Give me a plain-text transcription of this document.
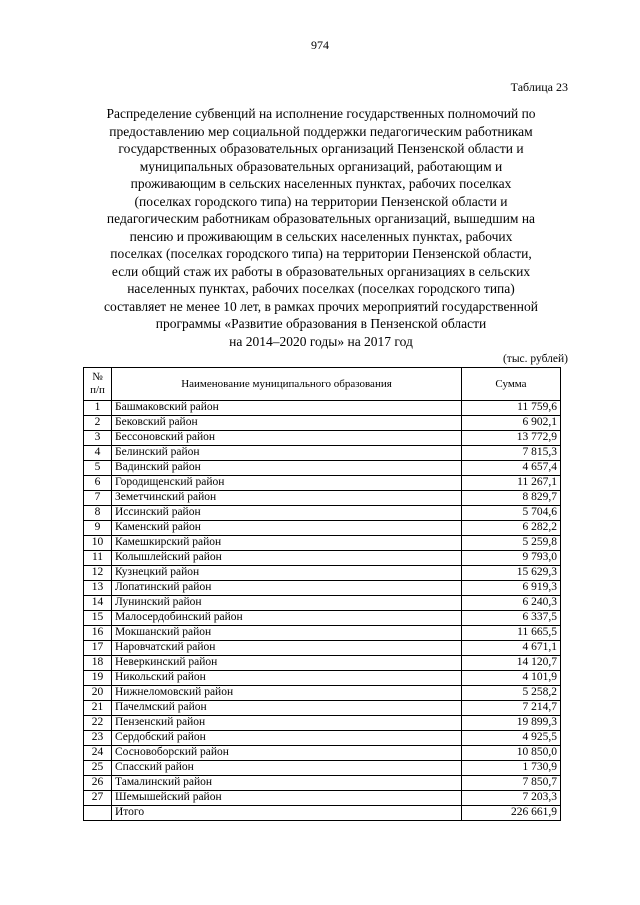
974
Таблица 23
Распределение субвенций на исполнение государственных полномочий по
предоставлению мер социальной поддержки педагогическим работникам
государственных образовательных организаций Пензенской области и
муниципальных образовательных организаций, работающим и
проживающим в сельских населенных пунктах, рабочих поселках
(поселках городского типа) на территории Пензенской области и
педагогическим работникам образовательных организаций, вышедшим на
пенсию и проживающим в сельских населенных пунктах, рабочих
поселках (поселках городского типа) на территории Пензенской области,
если общий стаж их работы в образовательных организациях в сельских
населенных пунктах, рабочих поселках (поселках городского типа)
составляет не менее 10 лет, в рамках прочих мероприятий государственной
программы «Развитие образования в Пензенской области
на 2014–2020 годы» на 2017 год
(тыс. рублей)
№ п/п	Наименование муниципального образования	Сумма
1	Башмаковский район	11 759,6
2	Бековский район	6 902,1
3	Бессоновский район	13 772,9
4	Белинский район	7 815,3
5	Вадинский район	4 657,4
6	Городищенский район	11 267,1
7	Земетчинский район	8 829,7
8	Иссинский район	5 704,6
9	Каменский район	6 282,2
10	Камешкирский район	5 259,8
11	Колышлейский район	9 793,0
12	Кузнецкий район	15 629,3
13	Лопатинский район	6 919,3
14	Лунинский район	6 240,3
15	Малосердобинский район	6 337,5
16	Мокшанский район	11 665,5
17	Наровчатский район	4 671,1
18	Неверкинский район	14 120,7
19	Никольский район	4 101,9
20	Нижнеломовский район	5 258,2
21	Пачелмский район	7 214,7
22	Пензенский район	19 899,3
23	Сердобский район	4 925,5
24	Сосновоборский район	10 850,0
25	Спасский район	1 730,9
26	Тамалинский район	7 850,7
27	Шемышейский район	7 203,3
	Итого	226 661,9
